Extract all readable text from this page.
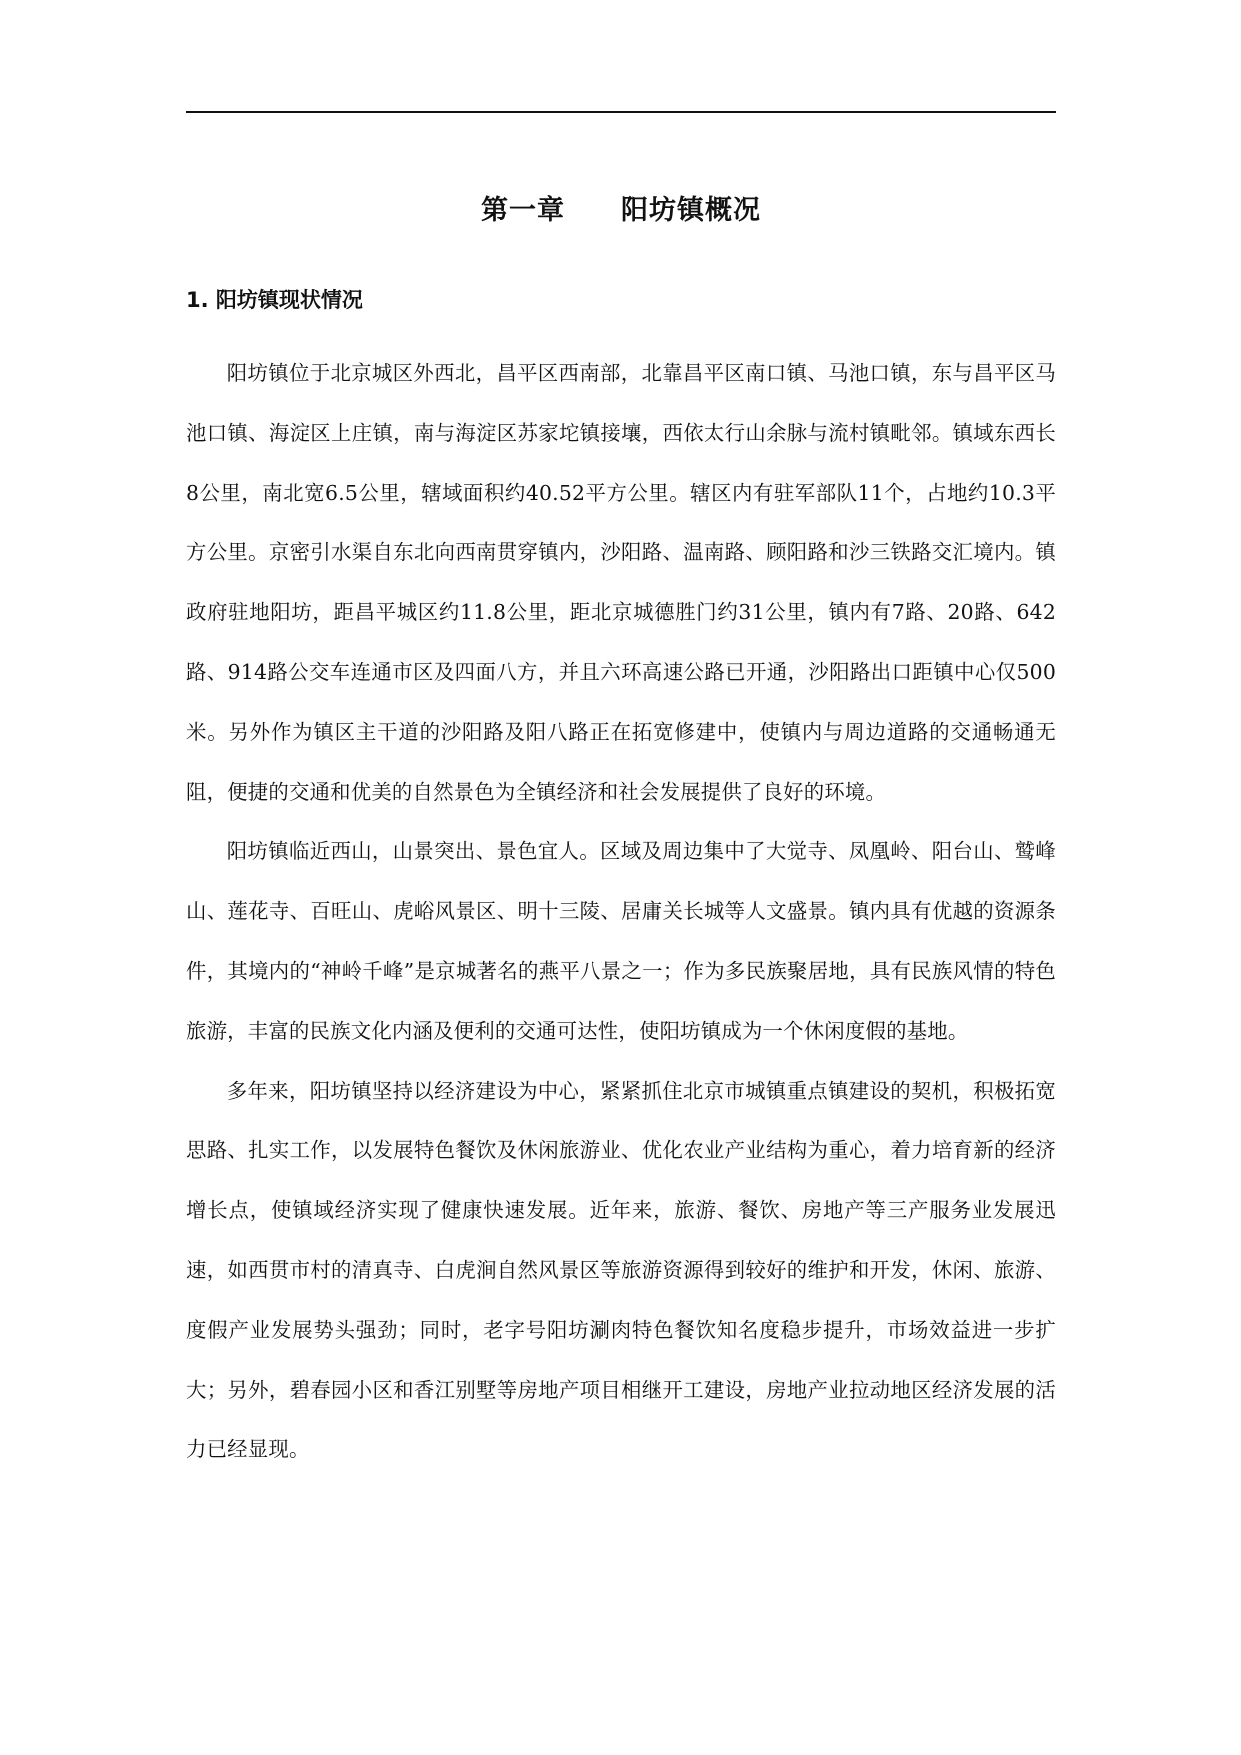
第一章　　阳坊镇概况
1. 阳坊镇现状情况

阳坊镇位于北京城区外西北，昌平区西南部，北靠昌平区南口镇、马池口镇，东与昌平区马池口镇、海淀区上庄镇，南与海淀区苏家坨镇接壤，西依太行山余脉与流村镇毗邻。镇域东西长8公里，南北宽6.5公里，辖域面积约40.52平方公里。辖区内有驻军部队11个，占地约10.3平方公里。京密引水渠自东北向西南贯穿镇内，沙阳路、温南路、顾阳路和沙三铁路交汇境内。镇政府驻地阳坊，距昌平城区约11.8公里，距北京城德胜门约31公里，镇内有7路、20路、642路、914路公交车连通市区及四面八方，并且六环高速公路已开通，沙阳路出口距镇中心仅500米。另外作为镇区主干道的沙阳路及阳八路正在拓宽修建中，使镇内与周边道路的交通畅通无阻，便捷的交通和优美的自然景色为全镇经济和社会发展提供了良好的环境。

阳坊镇临近西山，山景突出、景色宜人。区域及周边集中了大觉寺、凤凰岭、阳台山、鹫峰山、莲花寺、百旺山、虎峪风景区、明十三陵、居庸关长城等人文盛景。镇内具有优越的资源条件，其境内的“神岭千峰”是京城著名的燕平八景之一；作为多民族聚居地，具有民族风情的特色旅游，丰富的民族文化内涵及便利的交通可达性，使阳坊镇成为一个休闲度假的基地。

多年来，阳坊镇坚持以经济建设为中心，紧紧抓住北京市城镇重点镇建设的契机，积极拓宽思路、扎实工作，以发展特色餐饮及休闲旅游业、优化农业产业结构为重心，着力培育新的经济增长点，使镇域经济实现了健康快速发展。近年来，旅游、餐饮、房地产等三产服务业发展迅速，如西贯市村的清真寺、白虎涧自然风景区等旅游资源得到较好的维护和开发，休闲、旅游、度假产业发展势头强劲；同时，老字号阳坊涮肉特色餐饮知名度稳步提升，市场效益进一步扩大；另外，碧春园小区和香江别墅等房地产项目相继开工建设，房地产业拉动地区经济发展的活力已经显现。
